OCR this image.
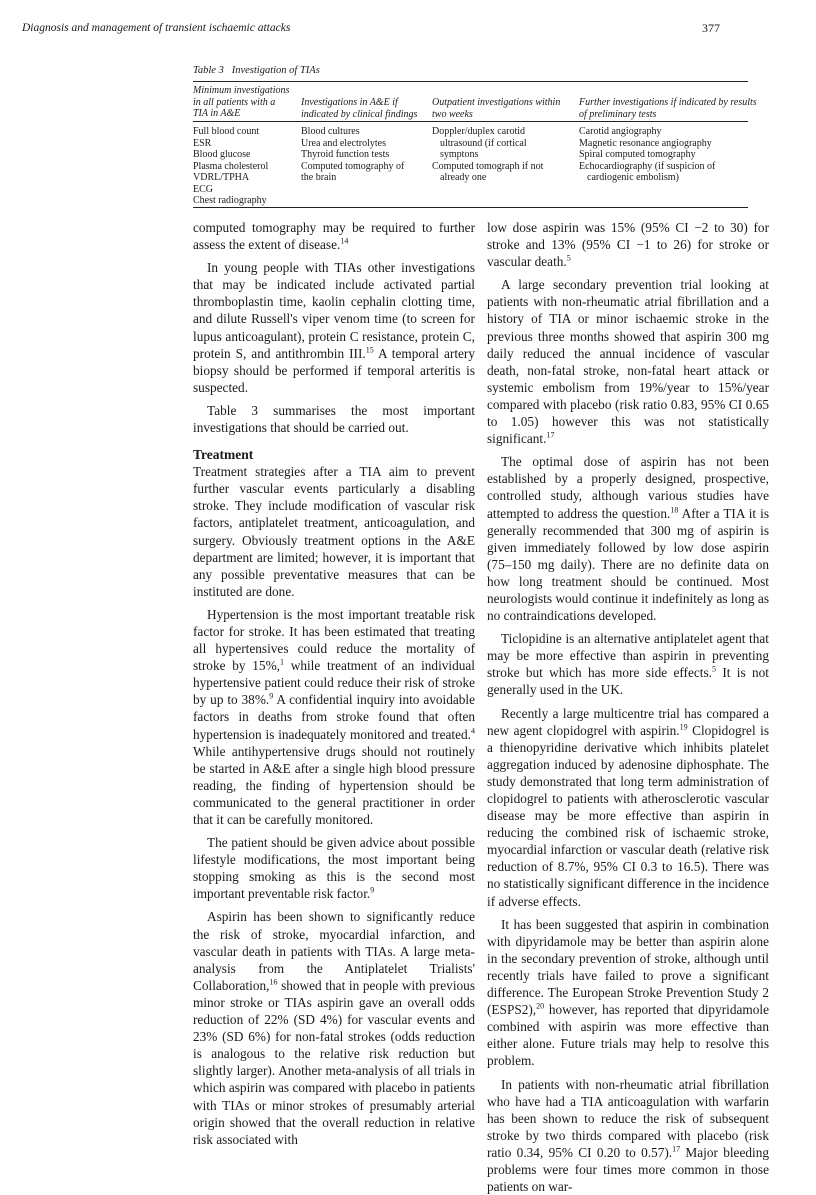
Diagnosis and management of transient ischaemic attacks	377
Table 3 Investigation of TIAs
Minimum investigations
in all patients with a
TIA in A&E
Investigations in A&E if
indicated by clinical findings
Outpatient investigations within
two weeks
Further investigations if indicated by results
of preliminary tests
Full blood count
ESR
Blood glucose
Plasma cholesterol
VDRL/TPHA
ECG
Chest radiography
Blood cultures
Urea and electrolytes
Thyroid function tests
Computed tomography of
the brain
Doppler/duplex carotid
ultrasound (if cortical
symptons
Computed tomograph if not
already one
Carotid angiography
Magnetic resonance angiography
Spiral computed tomography
Echocardiography (if suspicion of
cardiogenic embolism)

computed tomography may be required to further assess the extent of disease.$^{14}$

In young people with TIAs other investigations that may be indicated include activated partial thromboplastin time, kaolin cephalin clotting time, and dilute Russell's viper venom time (to screen for lupus anticoagulant), protein C resistance, protein C, protein S, and antithrombin III.$^{15}$ A temporal artery biopsy should be performed if temporal arteritis is suspected.

Table 3 summarises the most important investigations that should be carried out.

Treatment

Treatment strategies after a TIA aim to prevent further vascular events particularly a disabling stroke. They include modification of vascular risk factors, antiplatelet treatment, anticoagulation, and surgery. Obviously treatment options in the A&E department are limited; however, it is important that any possible preventative measures that can be instituted are done.

Hypertension is the most important treatable risk factor for stroke. It has been estimated that treating all hypertensives could reduce the mortality of stroke by 15%,$^1$ while treatment of an individual hypertensive patient could reduce their risk of stroke by up to 38%.$^9$ A confidential inquiry into avoidable factors in deaths from stroke found that often hypertension is inadequately monitored and treated.$^4$ While antihypertensive drugs should not routinely be started in A&E after a single high blood pressure reading, the finding of hypertension should be communicated to the general practitioner in order that it can be carefully monitored.

The patient should be given advice about possible lifestyle modifications, the most important being stopping smoking as this is the second most important preventable risk factor.$^9$

Aspirin has been shown to significantly reduce the risk of stroke, myocardial infarction, and vascular death in patients with TIAs. A large meta-analysis from the Antiplatelet Trialists' Collaboration,$^{16}$ showed that in people with previous minor stroke or TIAs aspirin gave an overall odds reduction of 22% (SD 4%) for vascular events and 23% (SD 6%) for non-fatal strokes (odds reduction is analogous to the relative risk reduction but slightly larger). Another meta-analysis of all trials in which aspirin was compared with placebo in patients with TIAs or minor strokes of presumably arterial origin showed that the overall reduction in relative risk associated with

low dose aspirin was 15% (95% CI −2 to 30) for stroke and 13% (95% CI −1 to 26) for stroke or vascular death.$^5$

A large secondary prevention trial looking at patients with non-rheumatic atrial fibrillation and a history of TIA or minor ischaemic stroke in the previous three months showed that aspirin 300 mg daily reduced the annual incidence of vascular death, non-fatal stroke, non-fatal heart attack or systemic embolism from 19%/year to 15%/year compared with placebo (risk ratio 0.83, 95% CI 0.65 to 1.05) however this was not statistically significant.$^{17}$

The optimal dose of aspirin has not been established by a properly designed, prospective, controlled study, although various studies have attempted to address the question.$^{18}$ After a TIA it is generally recommended that 300 mg of aspirin is given immediately followed by low dose aspirin (75–150 mg daily). There are no definite data on how long treatment should be continued. Most neurologists would continue it indefinitely as long as no contraindications developed.

Ticlopidine is an alternative antiplatelet agent that may be more effective than aspirin in preventing stroke but which has more side effects.$^5$ It is not generally used in the UK.

Recently a large multicentre trial has compared a new agent clopidogrel with aspirin.$^{19}$ Clopidogrel is a thienopyridine derivative which inhibits platelet aggregation induced by adenosine diphosphate. The study demonstrated that long term administration of clopidogrel to patients with atherosclerotic vascular disease may be more effective than aspirin in reducing the combined risk of ischaemic stroke, myocardial infarction or vascular death (relative risk reduction of 8.7%, 95% CI 0.3 to 16.5). There was no statistically significant difference in the incidence if adverse effects.

It has been suggested that aspirin in combination with dipyridamole may be better than aspirin alone in the secondary prevention of stroke, although until recently trials have failed to prove a significant difference. The European Stroke Prevention Study 2 (ESPS2),$^{20}$ however, has reported that dipyridamole combined with aspirin was more effective than either alone. Future trials may help to resolve this problem.

In patients with non-rheumatic atrial fibrillation who have had a TIA anticoagulation with warfarin has been shown to reduce the risk of subsequent stroke by two thirds compared with placebo (risk ratio 0.34, 95% CI 0.20 to 0.57).$^{17}$ Major bleeding problems were four times more common in those patients on war-
